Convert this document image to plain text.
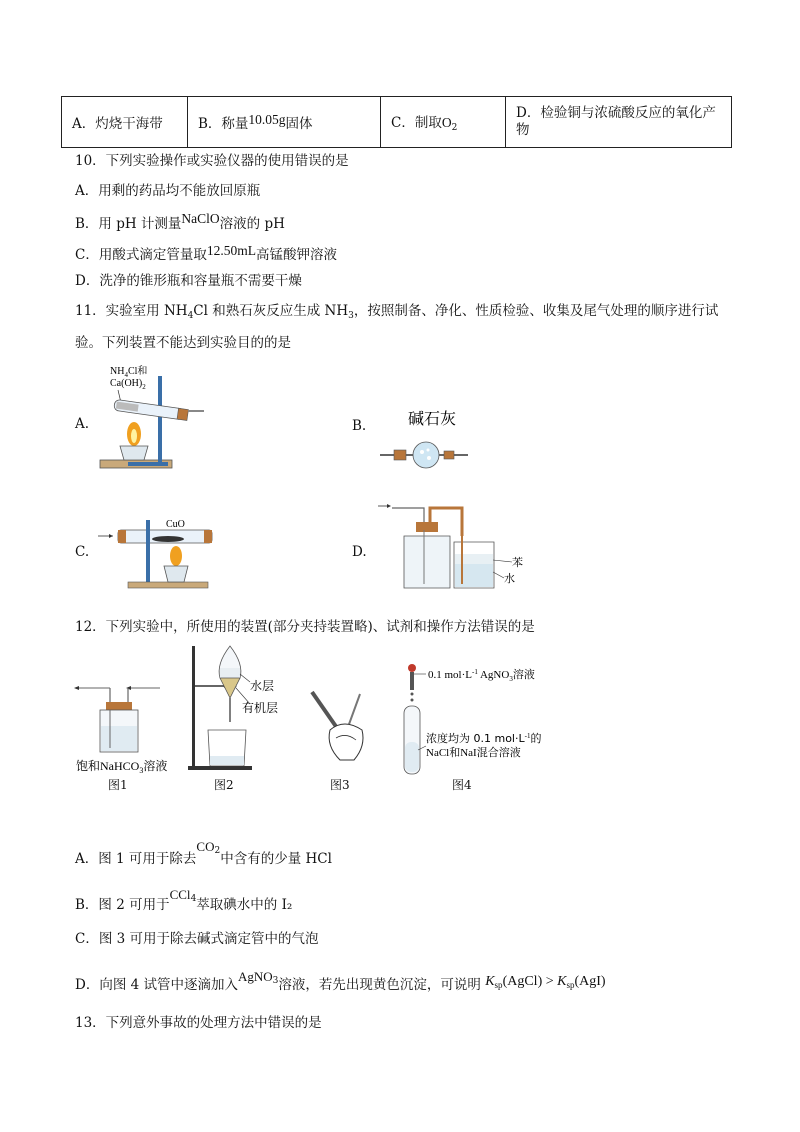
A．灼烧干海带	B．称量10.05g固体	C．制取$O_2$	
D．检验铜与浓硫酸反应的氧化产
物
10．下列实验操作或实验仪器的使用错误的是
A．用剩的药品均不能放回原瓶
B．用 pH 计测量NaClO溶液的 pH
C．用酸式滴定管量取12.50mL高锰酸钾溶液
D．洗净的锥形瓶和容量瓶不需要干燥
11．实验室用 $NH_4Cl$ 和熟石灰反应生成 $NH_3$，按照制备、净化、性质检验、收集及尾气处理的顺序进行试
验。下列装置不能达到实验目的的是
A.	B.
C.	D.
$NH_4Cl$和
$Ca(OH)_2$
碱石灰
CuO
苯
水
12．下列实验中，所使用的装置(部分夹持装置略)、试剂和操作方法错误的是
饱和NaHCO$_3$溶液
水层
有机层
0.1 $mol\cdot L^{-1}$ AgNO$_3$溶液
浓度均为 0.1 $mol\cdot L^{-1}$的
NaCl和NaI混合溶液
图1	图2	图3	图4
A．图 1 可用于除去$CO^2$中含有的少量 HCl
B．图 2 可用于CCl$^4$萃取碘水中的 I₂
C．图 3 可用于除去碱式滴定管中的气泡
D．向图 4 试管中逐滴加入AgNO$^3$溶液，若先出现黄色沉淀，可说明 $K_{sp}(AgCl) > K_{sp}(AgI)$
13．下列意外事故的处理方法中错误的是
